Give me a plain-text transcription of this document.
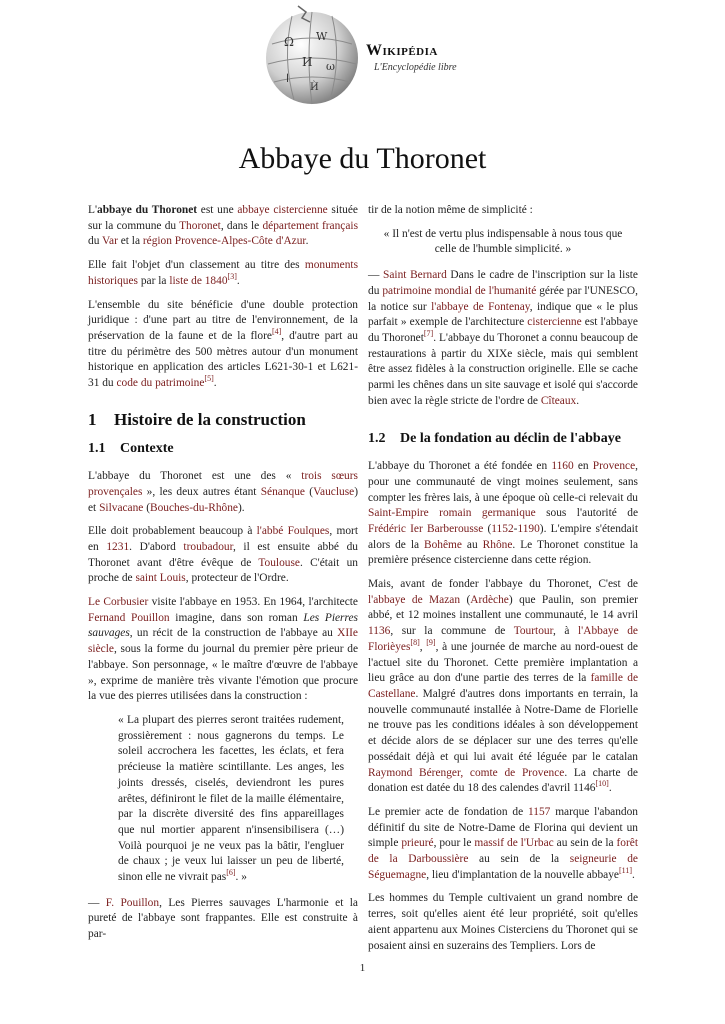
Ω W
И ω
ا
Ѝ
Wikipédia
L'Encyclopédie libre
Abbaye du Thoronet

L'abbaye du Thoronet est une abbaye cistercienne située sur la commune du Thoronet, dans le département français du Var et la région Provence-Alpes-Côte d'Azur.

Elle fait l'objet d'un classement au titre des monuments historiques par la liste de 1840[3].

L'ensemble du site bénéficie d'une double protection juridique : d'une part au titre de l'environnement, de la préservation de la faune et de la flore[4], d'autre part au titre du périmètre des 500 mètres autour d'un monument historique en application des articles L621-30-1 et L621-31 du code du patrimoine[5].

1 Histoire de la construction
1.1 Contexte

L'abbaye du Thoronet est une des « trois sœurs provençales », les deux autres étant Sénanque (Vaucluse) et Silvacane (Bouches-du-Rhône).

Elle doit probablement beaucoup à l'abbé Foulques, mort en 1231. D'abord troubadour, il est ensuite abbé du Thoronet avant d'être évêque de Toulouse. C'était un proche de saint Louis, protecteur de l'Ordre.

Le Corbusier visite l'abbaye en 1953. En 1964, l'architecte Fernand Pouillon imagine, dans son roman Les Pierres sauvages, un récit de la construction de l'abbaye au XIIe siècle, sous la forme du journal du premier père prieur de l'abbaye. Son personnage, « le maître d'œuvre de l'abbaye », exprime de manière très vivante l'émotion que procure la vue des pierres utilisées dans la construction :

« La plupart des pierres seront traitées rudement, grossièrement : nous gagnerons du temps. Le soleil accrochera les facettes, les éclats, et fera précieuse la matière scintillante. Les anges, les joints dressés, ciselés, deviendront les pures arêtes, définiront le filet de la maille élémentaire, par la discrète diversité des fins appareillages que nul mortier apparent n'insensibilisera (…) Voilà pourquoi je ne veux pas la bâtir, l'engluer de chaux ; je veux lui laisser un peu de liberté, sinon elle ne vivrait pas[6]. »

— F. Pouillon, Les Pierres sauvages L'harmonie et la pureté de l'abbaye sont frappantes. Elle est construite à par-

tir de la notion même de simplicité :

« Il n'est de vertu plus indispensable à nous tous que celle de l'humble simplicité. »

— Saint Bernard Dans le cadre de l'inscription sur la liste du patrimoine mondial de l'humanité gérée par l'UNESCO, la notice sur l'abbaye de Fontenay, indique que « le plus parfait » exemple de l'architecture cistercienne est l'abbaye du Thoronet[7]. L'abbaye du Thoronet a connu beaucoup de restaurations à partir du XIXe siècle, mais qui semblent être assez fidèles à la construction originelle. Elle se cache parmi les chênes dans un site sauvage et isolé qui s'accorde bien avec la règle stricte de l'ordre de Cîteaux.

1.2 De la fondation au déclin de l'abbaye

L'abbaye du Thoronet a été fondée en 1160 en Provence, pour une communauté de vingt moines seulement, sans compter les frères lais, à une époque où celle-ci relevait du Saint-Empire romain germanique sous l'autorité de Frédéric Ier Barberousse (1152-1190). L'empire s'étendait alors de la Bohême au Rhône. Le Thoronet constitue la première présence cistercienne dans cette région.

Mais, avant de fonder l'abbaye du Thoronet, C'est de l'abbaye de Mazan (Ardèche) que Paulin, son premier abbé, et 12 moines installent une communauté, le 14 avril 1136, sur la commune de Tourtour, à l'Abbaye de Florièyes[8], [9], à une journée de marche au nord-ouest de l'actuel site du Thoronet. Cette première implantation a lieu grâce au don d'une partie des terres de la famille de Castellane. Malgré d'autres dons importants en terrain, la nouvelle communauté installée à Notre-Dame de Florielle ne trouve pas les conditions idéales à son développement et décide alors de se déplacer sur une des terres qu'elle possédait déjà et qui lui avait été léguée par le catalan Raymond Bérenger, comte de Provence. La charte de donation est datée du 18 des calendes d'avril 1146[10].

Le premier acte de fondation de 1157 marque l'abandon définitif du site de Notre-Dame de Florina qui devient un simple prieuré, pour le massif de l'Urbac au sein de la forêt de la Darboussière au sein de la seigneurie de Séguemagne, lieu d'implantation de la nouvelle abbaye[11].

Les hommes du Temple cultivaient un grand nombre de terres, soit qu'elles aient été leur propriété, soit qu'elles aient appartenu aux Moines Cisterciens du Thoronet qui se posaient ainsi en suzerains des Templiers. Lors de

1
